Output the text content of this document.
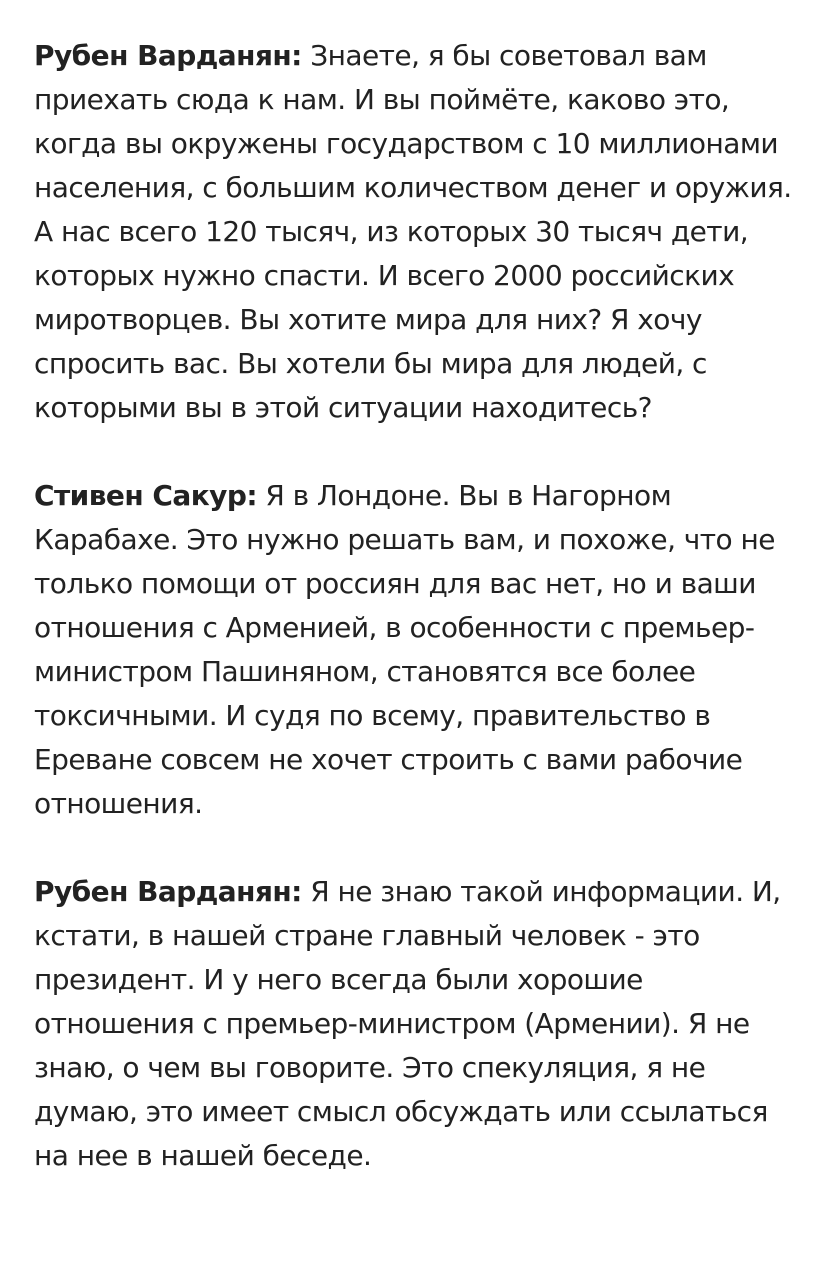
Рубен Варданян: Знаете, я бы советовал вам приехать сюда к нам. И вы поймёте, каково это, когда вы окружены государством с 10 миллионами населения, с большим количеством денег и оружия. А нас всего 120 тысяч, из которых 30 тысяч дети, которых нужно спасти. И всего 2000 российских миротворцев. Вы хотите мира для них? Я хочу спросить вас. Вы хотели бы мира для людей, с которыми вы в этой ситуации находитесь?

Стивен Сакур: Я в Лондоне. Вы в Нагорном Карабахе. Это нужно решать вам, и похоже, что не только помощи от россиян для вас нет, но и ваши отношения с Арменией, в особенности с премьер-министром Пашиняном, становятся все более токсичными. И судя по всему, правительство в Ереване совсем не хочет строить с вами рабочие отношения.

Рубен Варданян: Я не знаю такой информации. И, кстати, в нашей стране главный человек - это президент. И у него всегда были хорошие отношения с премьер-министром (Армении). Я не знаю, о чем вы говорите. Это спекуляция, я не думаю, это имеет смысл обсуждать или ссылаться на нее в нашей беседе.
